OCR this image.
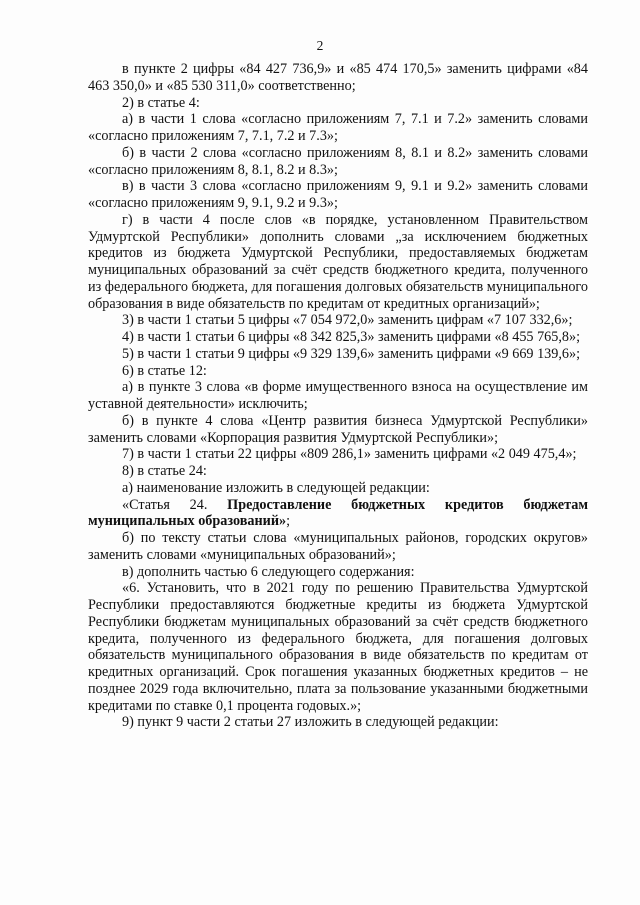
2

в пункте 2 цифры «84 427 736,9» и «85 474 170,5» заменить цифрами «84 463 350,0» и «85 530 311,0» соответственно;

2) в статье 4:

а) в части 1 слова «согласно приложениям 7, 7.1 и 7.2» заменить словами «согласно приложениям 7, 7.1, 7.2 и 7.3»;

б) в части 2 слова «согласно приложениям 8, 8.1 и 8.2» заменить словами «согласно приложениям 8, 8.1, 8.2 и 8.3»;

в) в части 3 слова «согласно приложениям 9, 9.1 и 9.2» заменить словами «согласно приложениям 9, 9.1, 9.2 и 9.3»;

г) в части 4 после слов «в порядке, установленном Правительством Удмуртской Республики» дополнить словами „за исключением бюджетных кредитов из бюджета Удмуртской Республики, предоставляемых бюджетам муниципальных образований за счёт средств бюджетного кредита, полученного из федерального бюджета, для погашения долговых обязательств муниципального образования в виде обязательств по кредитам от кредитных организаций»;

3) в части 1 статьи 5 цифры «7 054 972,0» заменить цифрам «7 107 332,6»;

4) в части 1 статьи 6 цифры «8 342 825,3» заменить цифрами «8 455 765,8»;

5) в части 1 статьи 9 цифры «9 329 139,6» заменить цифрами «9 669 139,6»;

6) в статье 12:

а) в пункте 3 слова «в форме имущественного взноса на осуществление им уставной деятельности» исключить;

б) в пункте 4 слова «Центр развития бизнеса Удмуртской Республики» заменить словами «Корпорация развития Удмуртской Республики»;

7) в части 1 статьи 22 цифры «809 286,1» заменить цифрами «2 049 475,4»;

8) в статье 24:

а) наименование изложить в следующей редакции:

«Статья 24. Предоставление бюджетных кредитов бюджетам муниципальных образований»;

б) по тексту статьи слова «муниципальных районов, городских округов» заменить словами «муниципальных образований»;

в) дополнить частью 6 следующего содержания:

«6. Установить, что в 2021 году по решению Правительства Удмуртской Республики предоставляются бюджетные кредиты из бюджета Удмуртской Республики бюджетам муниципальных образований за счёт средств бюджетного кредита, полученного из федерального бюджета, для погашения долговых обязательств муниципального образования в виде обязательств по кредитам от кредитных организаций. Срок погашения указанных бюджетных кредитов – не позднее 2029 года включительно, плата за пользование указанными бюджетными кредитами по ставке 0,1 процента годовых.»;

9) пункт 9 части 2 статьи 27 изложить в следующей редакции:
